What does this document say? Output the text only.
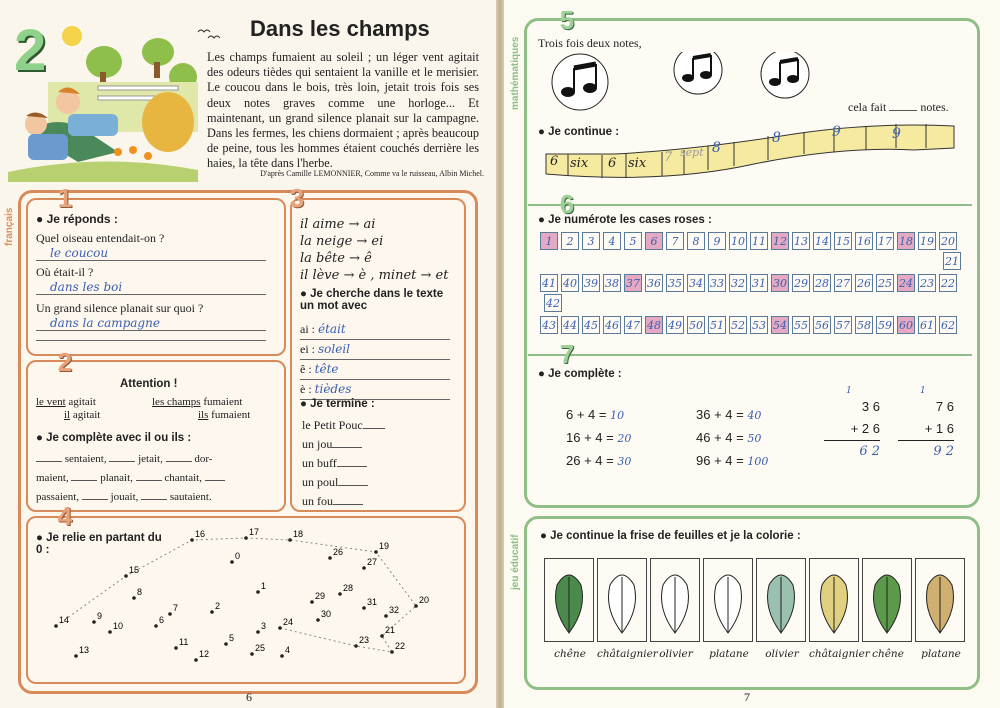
2	Dans les champs
Les champs fumaient au soleil ; un léger vent agitait des odeurs tièdes qui sentaient la vanille et le merisier. Le coucou dans le bois, très loin, jetait trois fois ses deux notes graves comme une horloge... Et maintenant, un grand silence planait sur la campagne. Dans les fermes, les chiens dormaient ; après beaucoup de peine, tous les hommes étaient couchés derrière les haies, la tête dans l'herbe.
D'après Camille LEMONNIER, Comme va le ruisseau, Albin Michel.
français
1
● Je réponds :
Quel oiseau entendait-on ?
le coucou
Où était-il ?
dans les boi
Un grand silence planait sur quoi ?
dans la campagne
3
il aime → ai
la neige → ei
la bête → ê
il lève → è , minet → et
● Je cherche dans le texte un mot avec
ai : était
ei : soleil
ê : tête
è : tièdes
● Je termine :
le Petit Pouc
un jou
un buff
un poul
un fou
2
Attention !
le vent agitait
il agitait
les champs fumaient
ils fumaient
● Je complète avec il ou ils :
sentaient,	jetait,	dor-
maient,	planait,	chantait,
passaient,	jouait,	sautaient.
4
● Je relie en partant du 0 :	0
1
2
3
4
5
6
7
8
9
10
11
12
13
14
15
16	17	18
19
20
21
22
23
24
25
26
27
28
29
30
31
32
6
mathématiques
jeu éducatif
5
Trois fois deux notes,
cela fait	notes.
● Je continue :
6 six 6 six 7 sept 8
8	9	9
6
● Je numérote les cases roses :
7
● Je complète :
6 + 4 = 10
16 + 4 = 20
26 + 4 = 30
36 + 4 = 40
46 + 4 = 50
96 + 4 = 100
1
3 6
+ 2 6
6 2
1
7 6
+ 1 6
9 2
● Je continue la frise de feuilles et je la colorie :
7
1	2	3	4	5	6	7	8	9 10 11 12 13 14 15 16 17 18 19 20
41 40 39 38 37 36 35 34 33 32 31 30 29 28 27 26 25 24 23 22
43 44 45 46 47 48 49 50 51 52 53 54 55 56 57 58 59 60 61 62
21
42
chêne	châtaignier olivier	platane	olivier châtaignier chêne	platane
